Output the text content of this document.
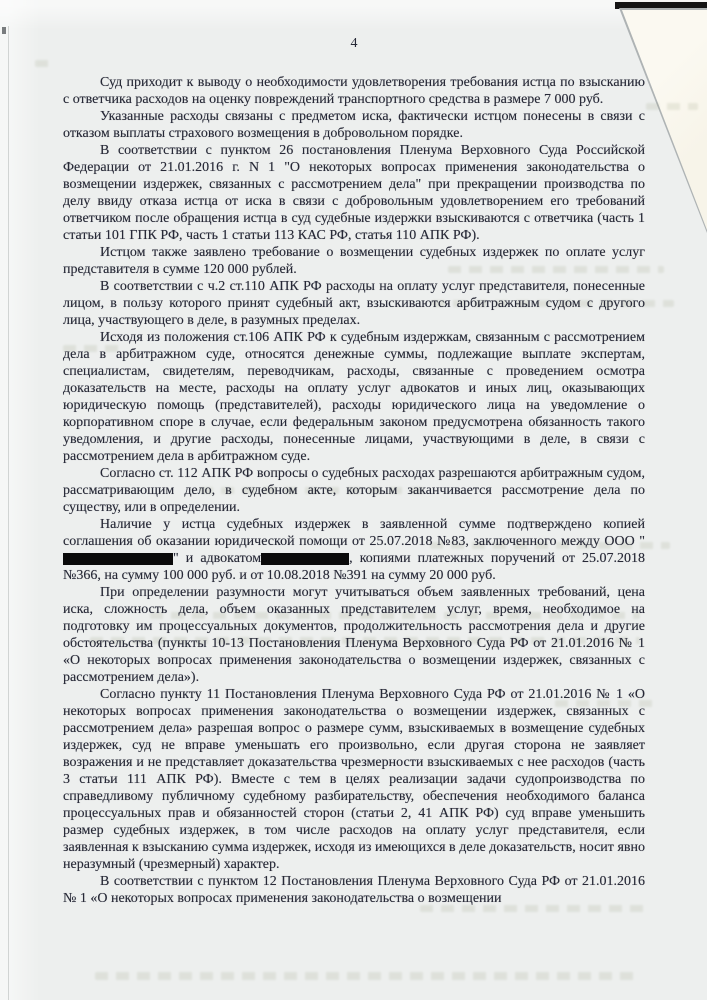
4

Суд приходит к выводу о необходимости удовлетворения требования истца по взысканию с ответчика расходов на оценку повреждений транспортного средства в размере 7 000 руб.

Указанные расходы связаны с предметом иска, фактически истцом понесены в связи с отказом выплаты страхового возмещения в добровольном порядке.

В соответствии с пунктом 26 постановления Пленума Верховного Суда Российской Федерации от 21.01.2016 г. N 1 "О некоторых вопросах применения законодательства о возмещении издержек, связанных с рассмотрением дела" при прекращении производства по делу ввиду отказа истца от иска в связи с добровольным удовлетворением его требований ответчиком после обращения истца в суд судебные издержки взыскиваются с ответчика (часть 1 статьи 101 ГПК РФ, часть 1 статьи 113 КАС РФ, статья 110 АПК РФ).

Истцом также заявлено требование о возмещении судебных издержек по оплате услуг представителя в сумме 120 000 рублей.

В соответствии с ч.2 ст.110 АПК РФ расходы на оплату услуг представителя, понесенные лицом, в пользу которого принят судебный акт, взыскиваются арбитражным судом с другого лица, участвующего в деле, в разумных пределах.

Исходя из положения ст.106 АПК РФ к судебным издержкам, связанным с рассмотрением дела в арбитражном суде, относятся денежные суммы, подлежащие выплате экспертам, специалистам, свидетелям, переводчикам, расходы, связанные с проведением осмотра доказательств на месте, расходы на оплату услуг адвокатов и иных лиц, оказывающих юридическую помощь (представителей), расходы юридического лица на уведомление о корпоративном споре в случае, если федеральным законом предусмотрена обязанность такого уведомления, и другие расходы, понесенные лицами, участвующими в деле, в связи с рассмотрением дела в арбитражном суде.

Согласно ст. 112 АПК РФ вопросы о судебных расходах разрешаются арбитражным судом, рассматривающим дело, в судебном акте, которым заканчивается рассмотрение дела по существу, или в определении.

Наличие у истца судебных издержек в заявленной сумме подтверждено копией соглашения об оказании юридической помощи от 25.07.2018 №83, заключенного между ООО "" и адвокатом	, копиями платежных поручений от 25.07.2018 №366, на сумму 100 000 руб. и от 10.08.2018 №391 на сумму 20 000 руб.

При определении разумности могут учитываться объем заявленных требований, цена иска, сложность дела, объем оказанных представителем услуг, время, необходимое на подготовку им процессуальных документов, продолжительность рассмотрения дела и другие обстоятельства (пункты 10-13 Постановления Пленума Верховного Суда РФ от 21.01.2016 № 1 «О некоторых вопросах применения законодательства о возмещении издержек, связанных с рассмотрением дела»).

Согласно пункту 11 Постановления Пленума Верховного Суда РФ от 21.01.2016 № 1 «О некоторых вопросах применения законодательства о возмещении издержек, связанных с рассмотрением дела» разрешая вопрос о размере сумм, взыскиваемых в возмещение судебных издержек, суд не вправе уменьшать его произвольно, если другая сторона не заявляет возражения и не представляет доказательства чрезмерности взыскиваемых с нее расходов (часть 3 статьи 111 АПК РФ). Вместе с тем в целях реализации задачи судопроизводства по справедливому публичному судебному разбирательству, обеспечения необходимого баланса процессуальных прав и обязанностей сторон (статьи 2, 41 АПК РФ) суд вправе уменьшить размер судебных издержек, в том числе расходов на оплату услуг представителя, если заявленная к взысканию сумма издержек, исходя из имеющихся в деле доказательств, носит явно неразумный (чрезмерный) характер.

В соответствии с пунктом 12 Постановления Пленума Верховного Суда РФ от 21.01.2016 № 1 «О некоторых вопросах применения законодательства о возмещении
